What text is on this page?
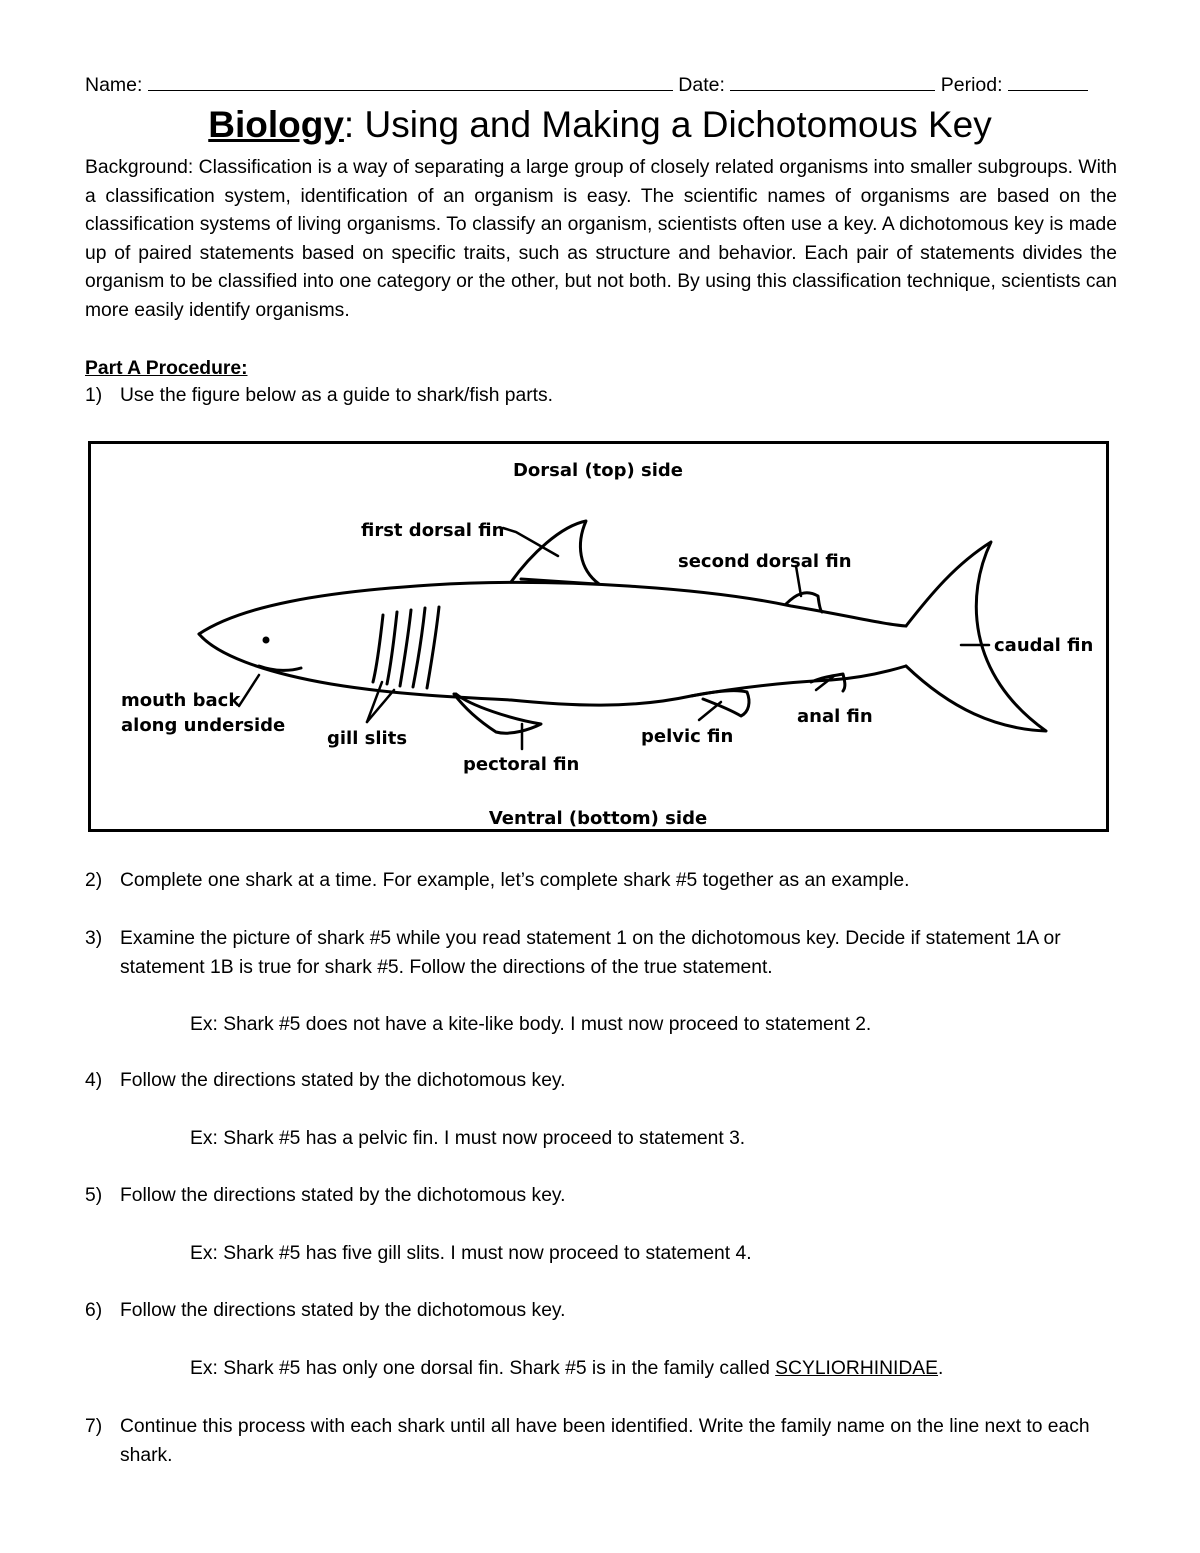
Name:	Date:	Period:
Biology: Using and Making a Dichotomous Key
Background: Classification is a way of separating a large group of closely related organisms into smaller subgroups. With a classification system, identification of an organism is easy. The scientific names of organisms are based on the classification systems of living organisms. To classify an organism, scientists often use a key. A dichotomous key is made up of paired statements based on specific traits, such as structure and behavior. Each pair of statements divides the organism to be classified into one category or the other, but not both. By using this classification technique, scientists can more easily identify organisms.
Part A Procedure:
1) Use the figure below as a guide to shark/fish parts.
Dorsal (top) side
first dorsal fin
second dorsal fin
caudal fin
mouth back
along underside
gill slits
pectoral fin
pelvic fin
anal fin
Ventral (bottom) side
2) Complete one shark at a time. For example, let’s complete shark #5 together as an example.
3) Examine the picture of shark #5 while you read statement 1 on the dichotomous key. Decide if statement 1A or statement 1B is true for shark #5. Follow the directions of the true statement.
Ex: Shark #5 does not have a kite-like body. I must now proceed to statement 2.
4) Follow the directions stated by the dichotomous key.
Ex: Shark #5 has a pelvic fin. I must now proceed to statement 3.
5) Follow the directions stated by the dichotomous key.
Ex: Shark #5 has five gill slits. I must now proceed to statement 4.
6) Follow the directions stated by the dichotomous key.
Ex: Shark #5 has only one dorsal fin. Shark #5 is in the family called SCYLIORHINIDAE.
7) Continue this process with each shark until all have been identified. Write the family name on the line next to each shark.
